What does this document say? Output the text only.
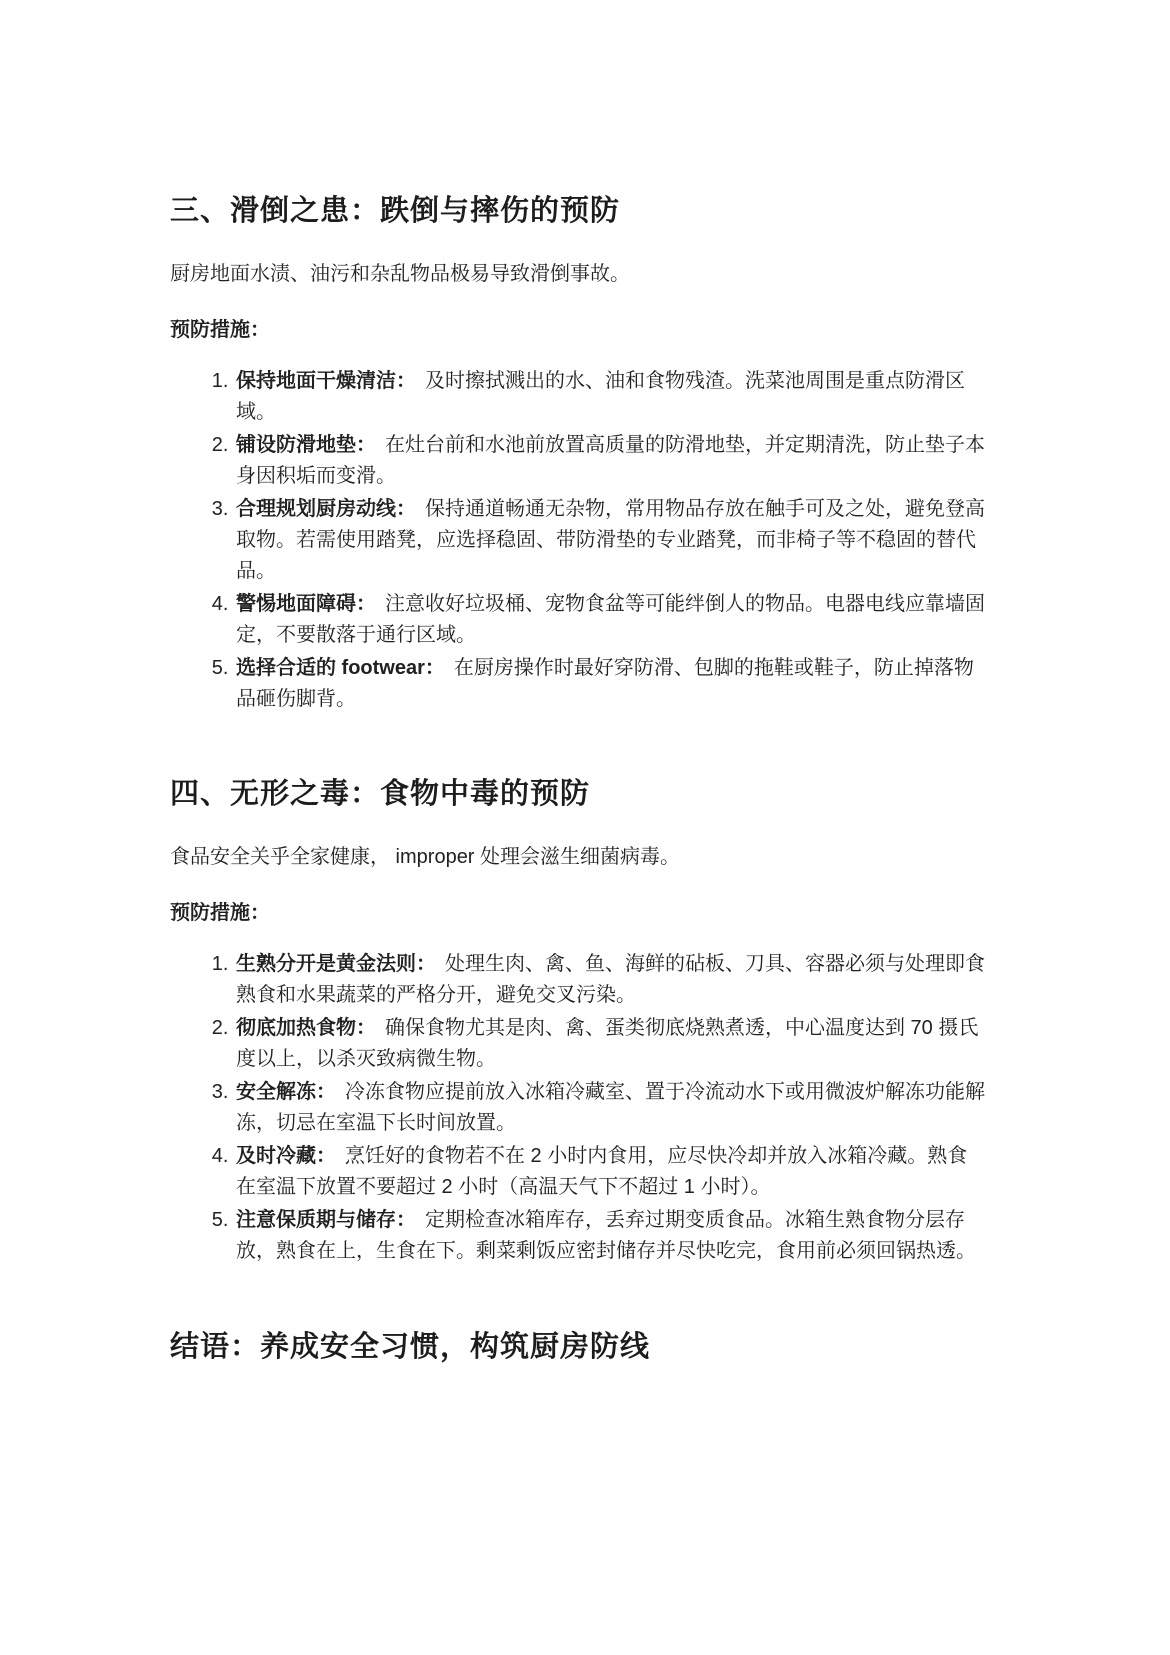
三、滑倒之患：跌倒与摔伤的预防

厨房地面水渍、油污和杂乱物品极易导致滑倒事故。

预防措施：

1. 保持地面干燥清洁： 及时擦拭溅出的水、油和食物残渣。洗菜池周围是重点防滑区域。
2. 铺设防滑地垫： 在灶台前和水池前放置高质量的防滑地垫，并定期清洗，防止垫子本身因积垢而变滑。
3. 合理规划厨房动线： 保持通道畅通无杂物，常用物品存放在触手可及之处，避免登高取物。若需使用踏凳，应选择稳固、带防滑垫的专业踏凳，而非椅子等不稳固的替代品。
4. 警惕地面障碍： 注意收好垃圾桶、宠物食盆等可能绊倒人的物品。电器电线应靠墙固定，不要散落于通行区域。
5. 选择合适的 footwear： 在厨房操作时最好穿防滑、包脚的拖鞋或鞋子，防止掉落物品砸伤脚背。
四、无形之毒：食物中毒的预防

食品安全关乎全家健康， improper 处理会滋生细菌病毒。

预防措施：

1. 生熟分开是黄金法则： 处理生肉、禽、鱼、海鲜的砧板、刀具、容器必须与处理即食熟食和水果蔬菜的严格分开，避免交叉污染。
2. 彻底加热食物： 确保食物尤其是肉、禽、蛋类彻底烧熟煮透，中心温度达到 70 摄氏度以上，以杀灭致病微生物。
3. 安全解冻： 冷冻食物应提前放入冰箱冷藏室、置于冷流动水下或用微波炉解冻功能解冻，切忌在室温下长时间放置。
4. 及时冷藏： 烹饪好的食物若不在 2 小时内食用，应尽快冷却并放入冰箱冷藏。熟食在室温下放置不要超过 2 小时（高温天气下不超过 1 小时）。
5. 注意保质期与储存： 定期检查冰箱库存，丢弃过期变质食品。冰箱生熟食物分层存放，熟食在上，生食在下。剩菜剩饭应密封储存并尽快吃完，食用前必须回锅热透。
结语：养成安全习惯，构筑厨房防线
